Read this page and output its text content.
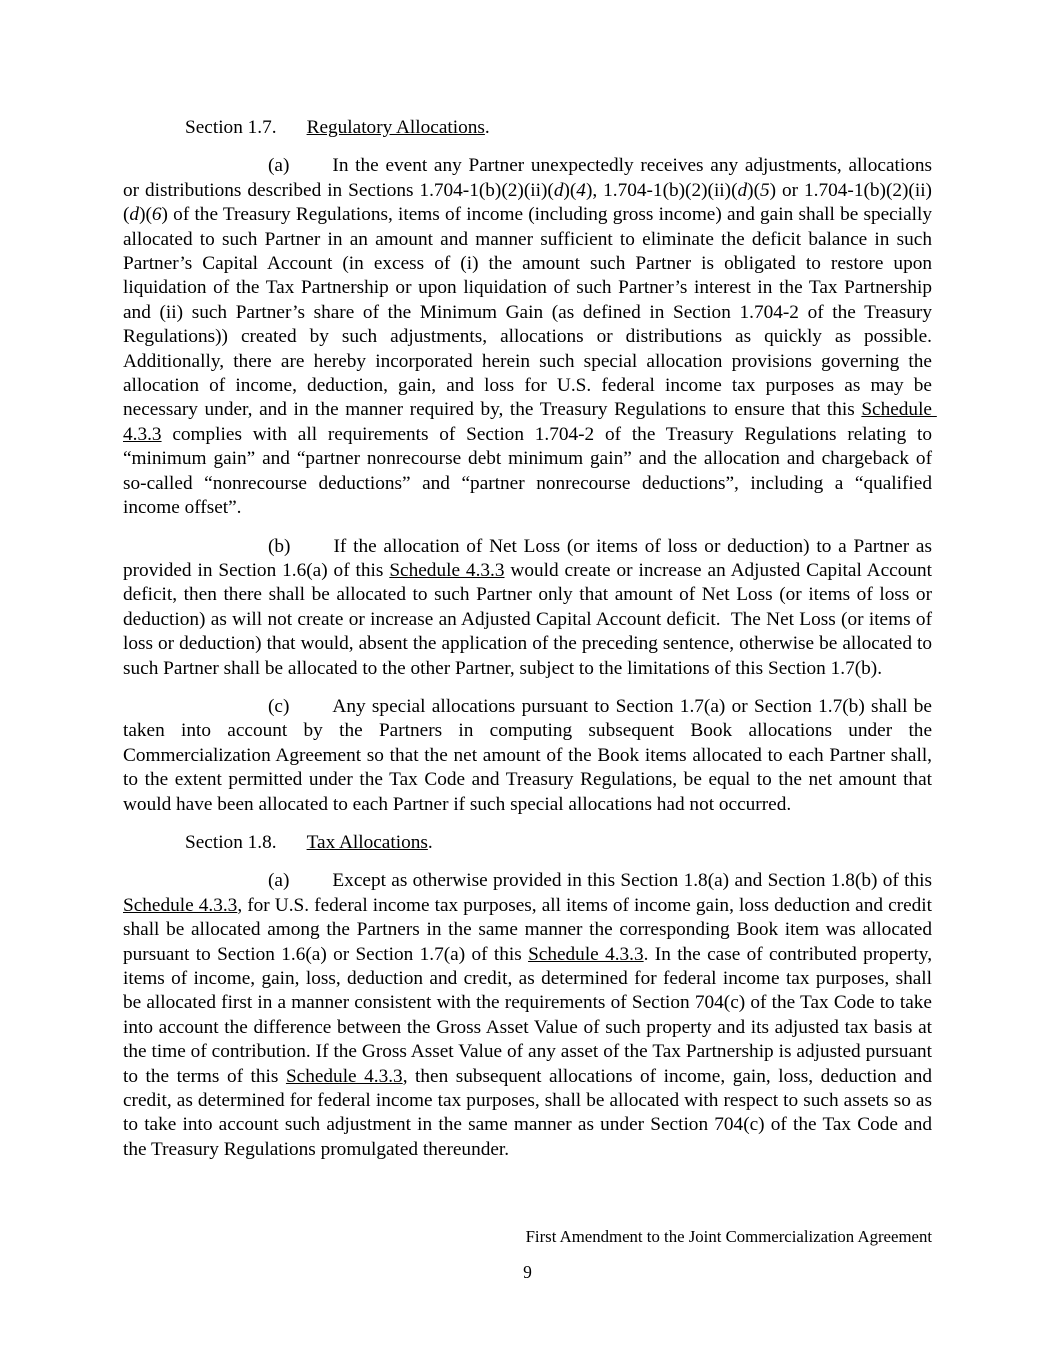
Section 1.7. Regulatory Allocations.
(a) In the event any Partner unexpectedly receives any adjustments, allocations or distributions described in Sections 1.704-1(b)(2)(ii)(d)(4), 1.704-1(b)(2)(ii)(d)(5) or 1.704-1(b)(2)(ii)(d)(6) of the Treasury Regulations, items of income (including gross income) and gain shall be specially allocated to such Partner in an amount and manner sufficient to eliminate the deficit balance in such Partner’s Capital Account (in excess of (i) the amount such Partner is obligated to restore upon liquidation of the Tax Partnership or upon liquidation of such Partner’s interest in the Tax Partnership and (ii) such Partner’s share of the Minimum Gain (as defined in Section 1.704-2 of the Treasury Regulations)) created by such adjustments, allocations or distributions as quickly as possible.  Additionally, there are hereby incorporated herein such special allocation provisions governing the allocation of income, deduction, gain, and loss for U.S. federal income tax purposes as may be necessary under, and in the manner required by, the Treasury Regulations to ensure that this Schedule 4.3.3 complies with all requirements of Section 1.704-2 of the Treasury Regulations relating to “minimum gain” and “partner nonrecourse debt minimum gain” and the allocation and chargeback of so-called “nonrecourse deductions” and “partner nonrecourse deductions”, including a “qualified income offset”.
(b) If the allocation of Net Loss (or items of loss or deduction) to a Partner as provided in Section 1.6(a) of this Schedule 4.3.3 would create or increase an Adjusted Capital Account deficit, then there shall be allocated to such Partner only that amount of Net Loss (or items of loss or deduction) as will not create or increase an Adjusted Capital Account deficit.  The Net Loss (or items of loss or deduction) that would, absent the application of the preceding sentence, otherwise be allocated to such Partner shall be allocated to the other Partner, subject to the limitations of this Section 1.7(b).
(c) Any special allocations pursuant to Section 1.7(a) or Section 1.7(b) shall be taken into account by the Partners in computing subsequent Book allocations under the Commercialization Agreement so that the net amount of the Book items allocated to each Partner shall, to the extent permitted under the Tax Code and Treasury Regulations, be equal to the net amount that would have been allocated to each Partner if such special allocations had not occurred.
Section 1.8. Tax Allocations.
(a) Except as otherwise provided in this Section 1.8(a) and Section 1.8(b) of this Schedule 4.3.3, for U.S. federal income tax purposes, all items of income gain, loss deduction and credit shall be allocated among the Partners in the same manner the corresponding Book item was allocated pursuant to Section 1.6(a) or Section 1.7(a) of this Schedule 4.3.3. In the case of contributed property, items of income, gain, loss, deduction and credit, as determined for federal income tax purposes, shall be allocated first in a manner consistent with the requirements of Section 704(c) of the Tax Code to take into account the difference between the Gross Asset Value of such property and its adjusted tax basis at the time of contribution. If the Gross Asset Value of any asset of the Tax Partnership is adjusted pursuant to the terms of this Schedule 4.3.3, then subsequent allocations of income, gain, loss, deduction and credit, as determined for federal income tax purposes, shall be allocated with respect to such assets so as to take into account such adjustment in the same manner as under Section 704(c) of the Tax Code and the Treasury Regulations promulgated thereunder.
First Amendment to the Joint Commercialization Agreement
9
